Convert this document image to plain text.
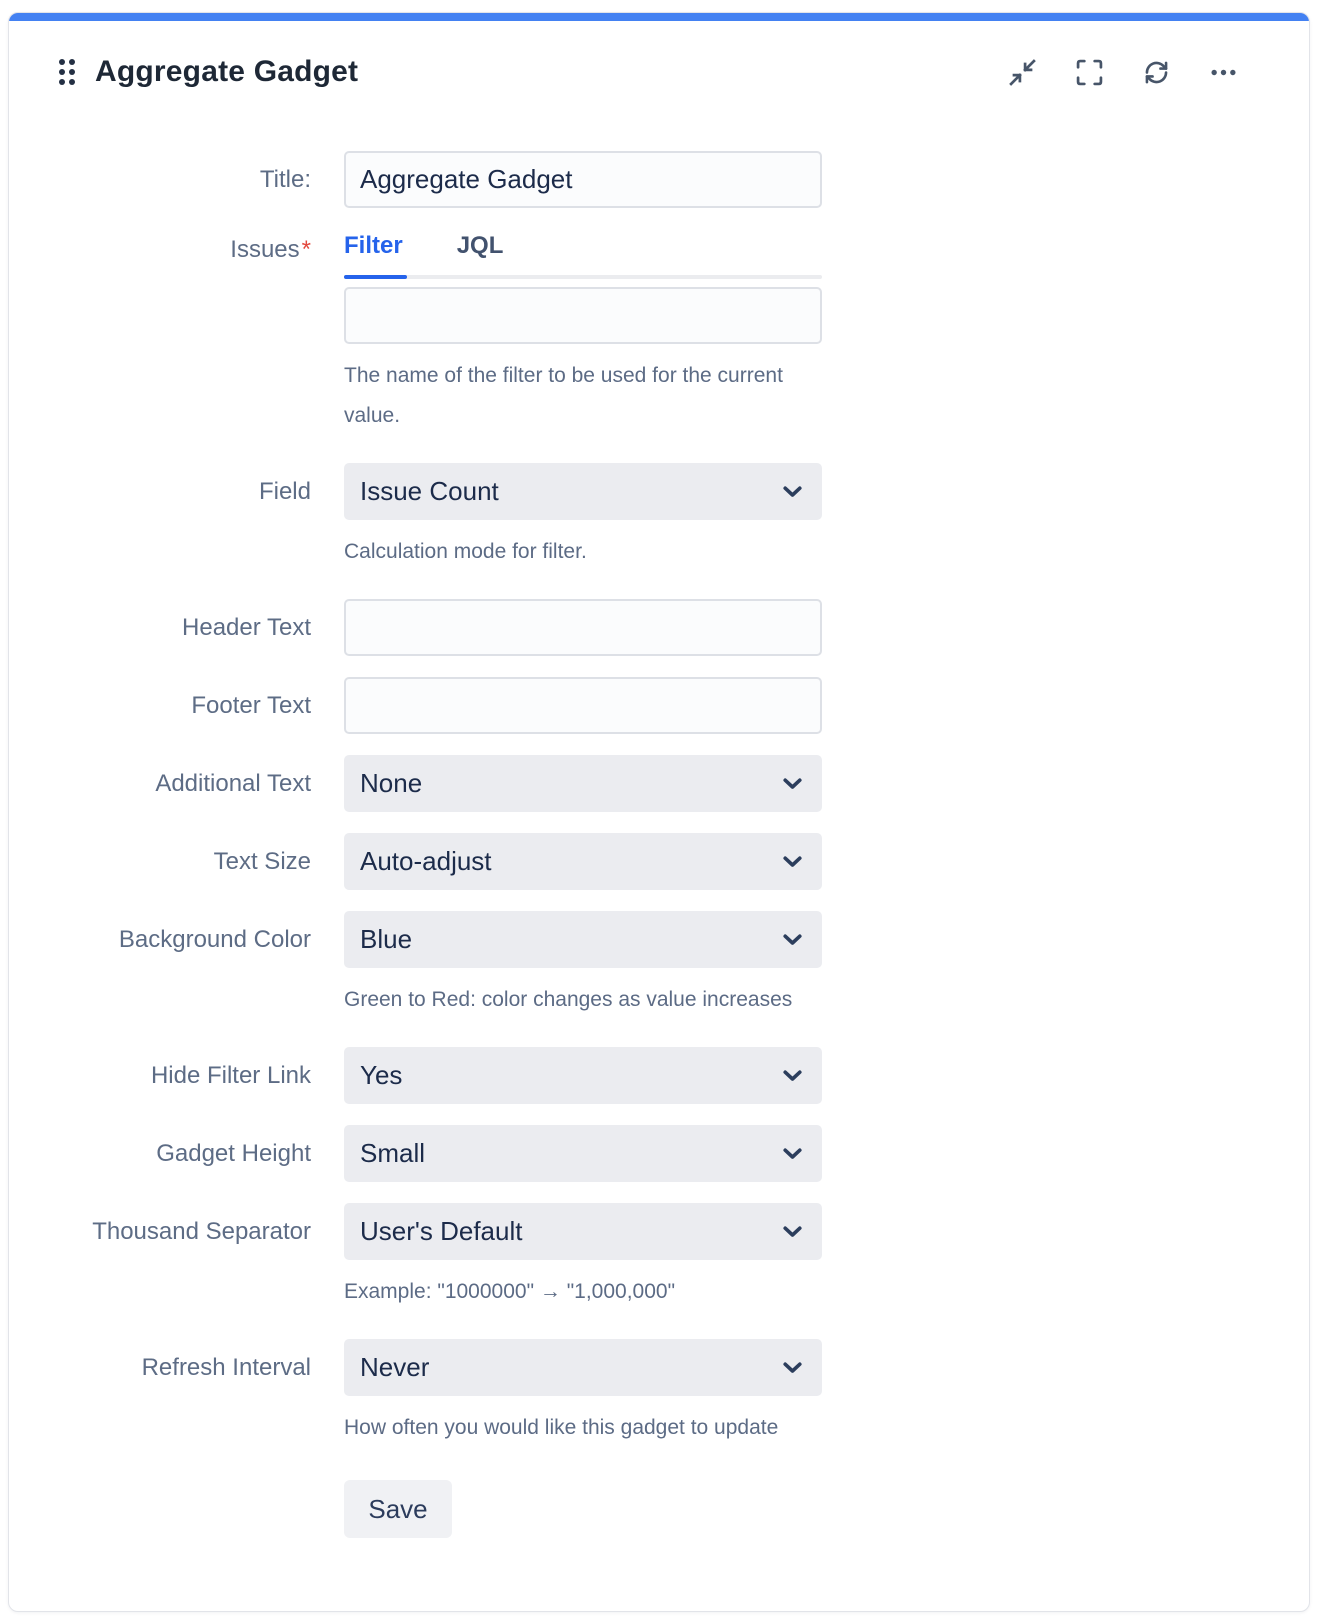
Aggregate Gadget
Title:
Aggregate Gadget
Issues * Filter JQL
The name of the filter to be used for the current value.
Field Issue Count
Calculation mode for filter.
Header Text
Footer Text
Additional Text None
Text Size Auto-adjust
Background Color Blue
Green to Red: color changes as value increases
Hide Filter Link Yes
Gadget Height Small
Thousand Separator User's Default
Example: "1000000" → "1,000,000"
Refresh Interval Never
How often you would like this gadget to update
Save
